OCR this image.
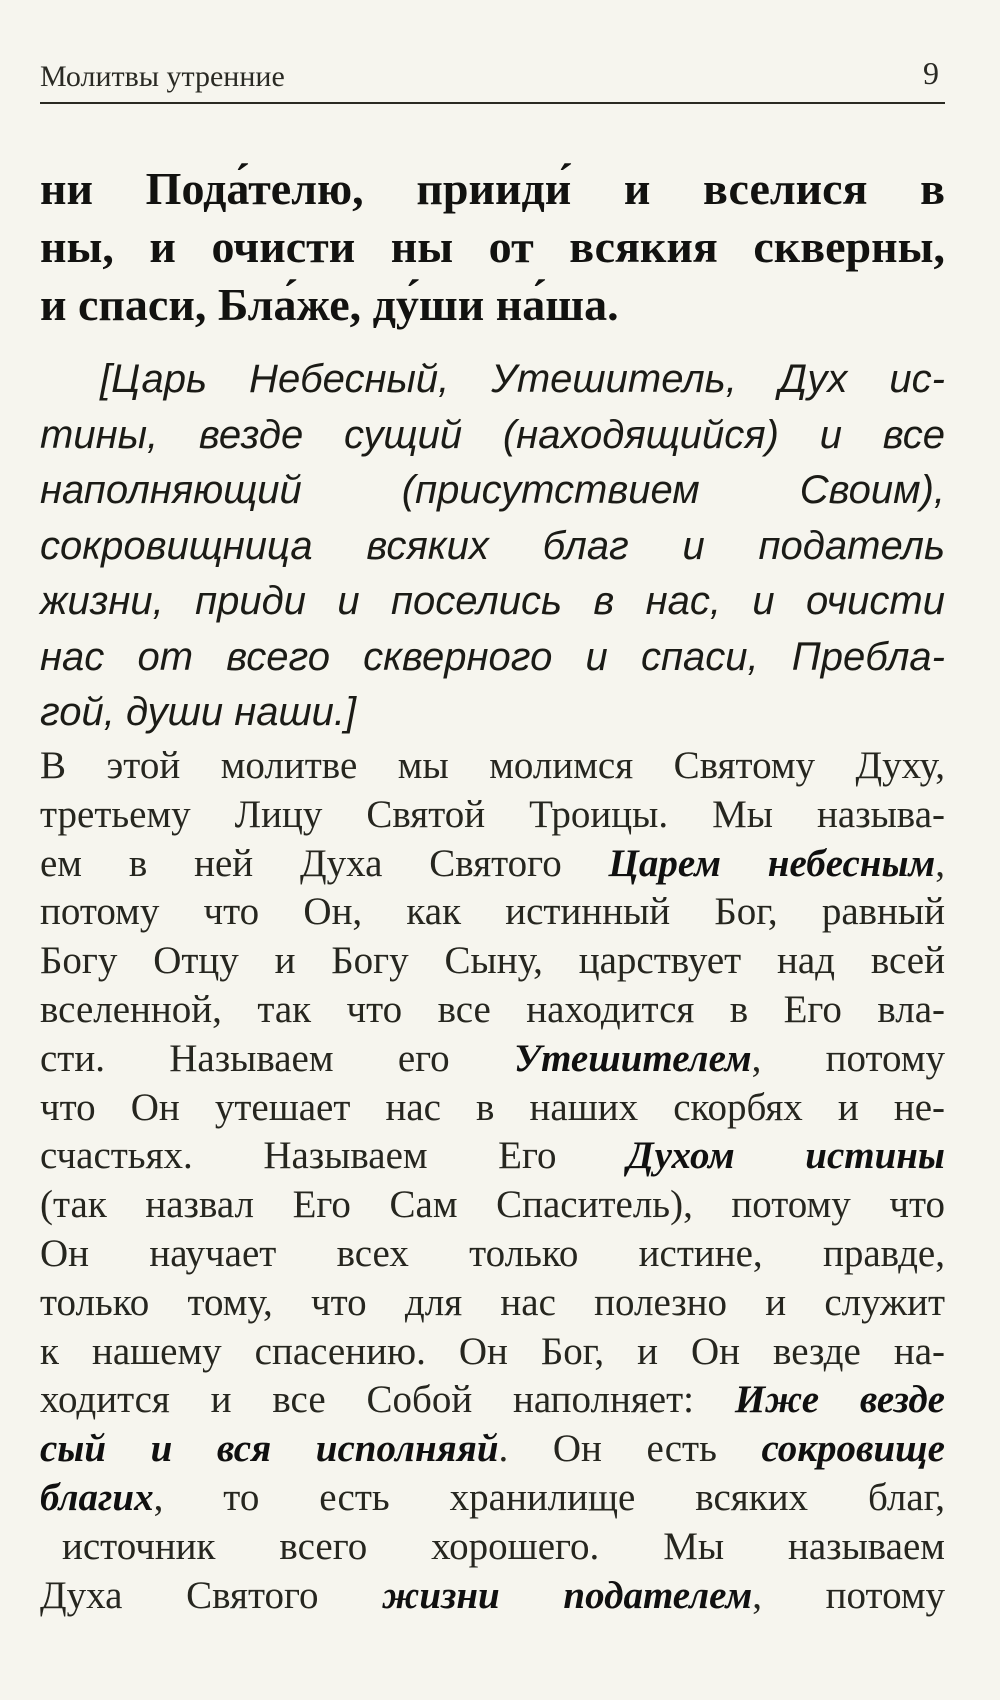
Молитвы утренние	9
ни Пода́телю, прииди́ и вселися в
ны, и очисти ны от всякия скверны,
и спаси, Бла́же, ду́ши на́ша.
[Царь Небесный, Утешитель, Дух ис-
тины, везде сущий (находящийся) и все
наполняющий (присутствием Своим),
сокровищница всяких благ и податель
жизни, приди и поселись в нас, и очисти
нас от всего скверного и спаси, Пребла-
гой, души наши.]
В этой молитве мы молимся Святому Духу,
третьему Лицу Святой Троицы. Мы называ-
ем в ней Духа Святого Царем небесным,
потому что Он, как истинный Бог, равный
Богу Отцу и Богу Сыну, царствует над всей
вселенной, так что все находится в Его вла-
сти. Называем его Утешителем, потому
что Он утешает нас в наших скорбях и не-
счастьях. Называем Его Духом истины
(так назвал Его Сам Спаситель), потому что
Он научает всех только истине, правде,
только тому, что для нас полезно и служит
к нашему спасению. Он Бог, и Он везде на-
ходится и все Собой наполняет: Иже везде
сый и вся исполняяй. Он есть сокровище
благих, то есть хранилище всяких благ,
источник всего хорошего. Мы называем
Духа Святого жизни подателем, потому
